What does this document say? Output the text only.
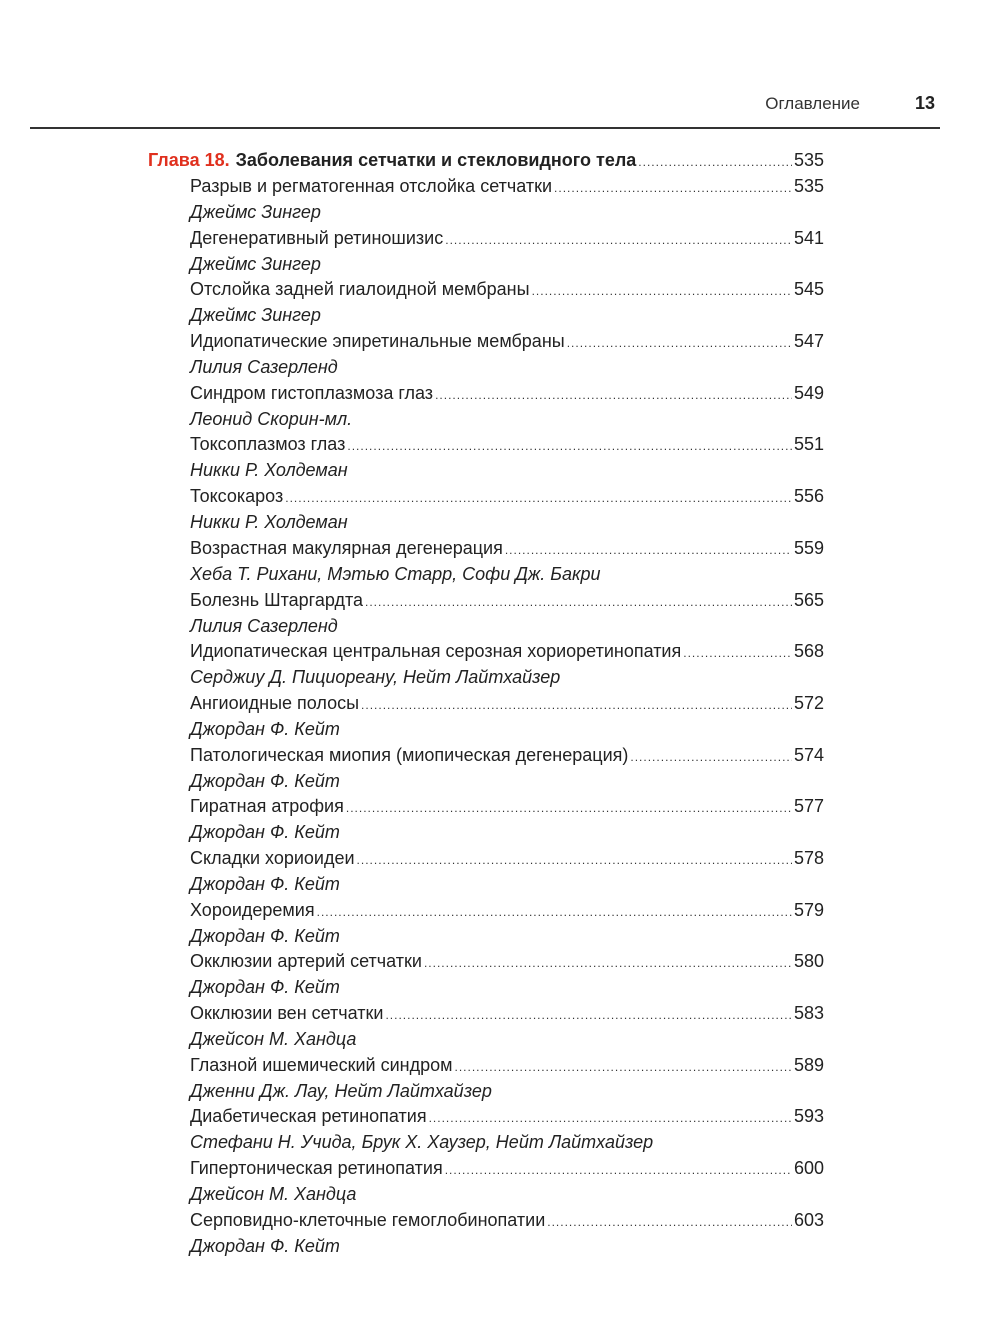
Оглавление	13
Глава 18. Заболевания сетчатки и стекловидного тела .....	535
Разрыв и регматогенная отслойка сетчатки .....	535
Джеймс Зингер
Дегенеративный ретиношизис .....	541
Джеймс Зингер
Отслойка задней гиалоидной мембраны .....	545
Джеймс Зингер
Идиопатические эпиретинальные мембраны .....	547
Лилия Сазерленд
Синдром гистоплазмоза глаз .....	549
Леонид Скорин-мл.
Токсоплазмоз глаз .....	551
Никки Р. Холдеман
Токсокароз .....	556
Никки Р. Холдеман
Возрастная макулярная дегенерация .....	559
Хеба Т. Рихани, Мэтью Старр, Софи Дж. Бакри
Болезнь Штаргардта .....	565
Лилия Сазерленд
Идиопатическая центральная серозная хориоретинопатия .....	568
Серджиу Д. Пициореану, Нейт Лайтхайзер
Ангиоидные полосы .....	572
Джордан Ф. Кейт
Патологическая миопия (миопическая дегенерация) .....	574
Джордан Ф. Кейт
Гиратная атрофия .....	577
Джордан Ф. Кейт
Складки хориоидеи .....	578
Джордан Ф. Кейт
Хороидеремия .....	579
Джордан Ф. Кейт
Окклюзии артерий сетчатки .....	580
Джордан Ф. Кейт
Окклюзии вен сетчатки .....	583
Джейсон М. Хандца
Глазной ишемический синдром .....	589
Дженни Дж. Лау, Нейт Лайтхайзер
Диабетическая ретинопатия .....	593
Стефани Н. Учида, Брук Х. Хаузер, Нейт Лайтхайзер
Гипертоническая ретинопатия .....	600
Джейсон М. Хандца
Серповидно-клеточные гемоглобинопатии .....	603
Джордан Ф. Кейт
